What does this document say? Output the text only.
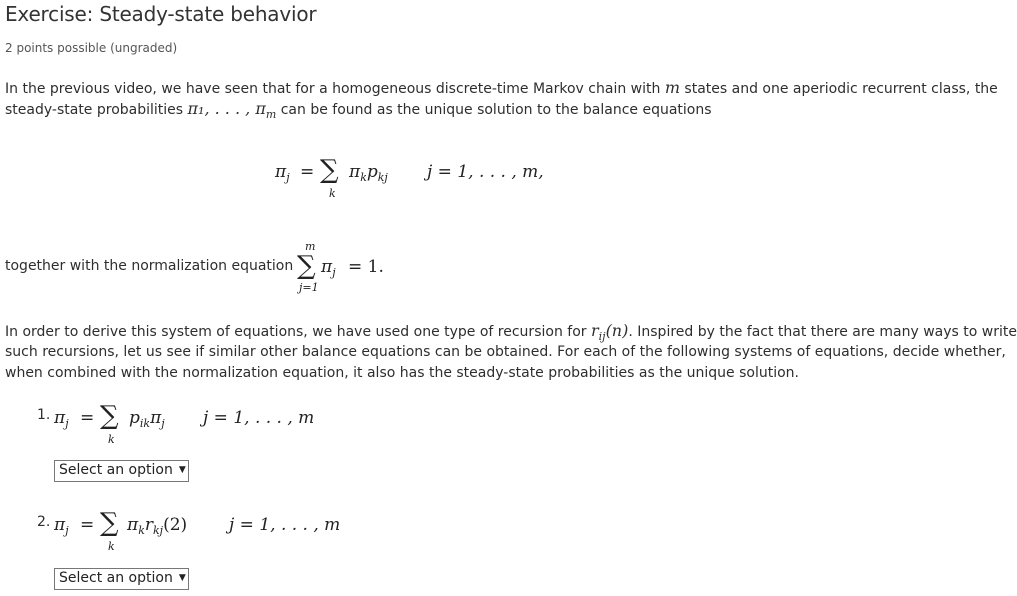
Exercise: Steady-state behavior
2 points possible (ungraded)
In the previous video, we have seen that for a homogeneous discrete-time Markov chain with m states and one aperiodic recurrent class, the
steady-state probabilities π₁, . . . , $\pi_m$ can be found as the unique solution to the balance equations
$\pi_j$ = ∑
k
$\pi_kp_{kj}$ j = 1, . . . , m,
together with the normalization equation
m
∑
j=1
$\pi_j = 1$.
In order to derive this system of equations, we have used one type of recursion for $r_{ij}(n)$. Inspired by the fact that there are many ways to write
such recursions, let us see if similar other balance equations can be obtained. For each of the following systems of equations, decide whether,
when combined with the normalization equation, it also has the steady-state probabilities as the unique solution.
1. $\pi_j$ = ∑
k
$p_{ik}\pi_j$ j = 1, . . . , m
Select an option ▼
2. $\pi_j$ = ∑
k
$\pi_kr_{kj}(2) j = 1$, . . . , m
Select an option ▼
